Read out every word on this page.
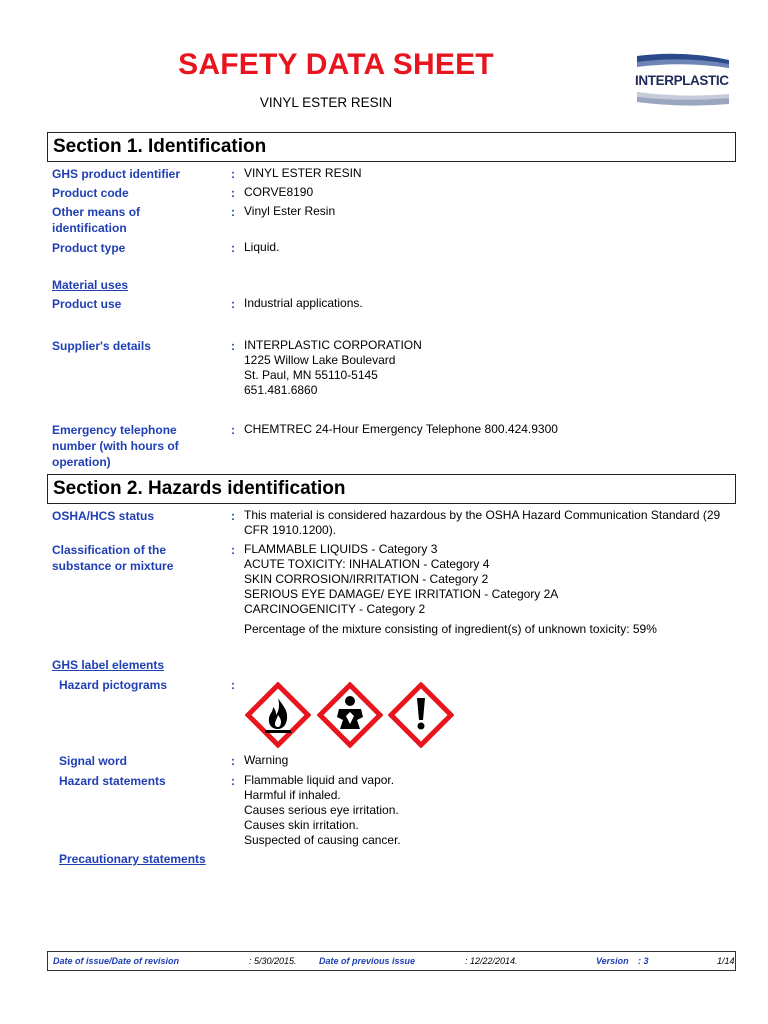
SAFETY DATA SHEET
VINYL ESTER RESIN
INTERPLASTIC
Section 1. Identification
GHS product identifier	: VINYL ESTER RESIN
Product code	: CORVE8190
Other means of identification
: Vinyl Ester Resin
Product type	: Liquid.
Material uses
Product use	: Industrial applications.
Supplier's details	: INTERPLASTIC CORPORATION
1225 Willow Lake Boulevard
St. Paul, MN 55110-5145
651.481.6860
Emergency telephone number (with hours of operation)
: CHEMTREC 24-Hour Emergency Telephone 800.424.9300
Section 2. Hazards identification
OSHA/HCS status	: This material is considered hazardous by the OSHA Hazard Communication Standard (29 CFR 1910.1200).
Classification of the substance or mixture
: FLAMMABLE LIQUIDS - Category 3
ACUTE TOXICITY: INHALATION - Category 4
SKIN CORROSION/IRRITATION - Category 2
SERIOUS EYE DAMAGE/ EYE IRRITATION - Category 2A
CARCINOGENICITY - Category 2
Percentage of the mixture consisting of ingredient(s) of unknown toxicity: 59%
GHS label elements
Hazard pictograms	:
Signal word	: Warning
Hazard statements	: Flammable liquid and vapor.
Harmful if inhaled.
Causes serious eye irritation.
Causes skin irritation.
Suspected of causing cancer.
Precautionary statements
Date of issue/Date of revision	: 5/30/2015. Date of previous issue	: 12/22/2014.	Version : 3	1/14
